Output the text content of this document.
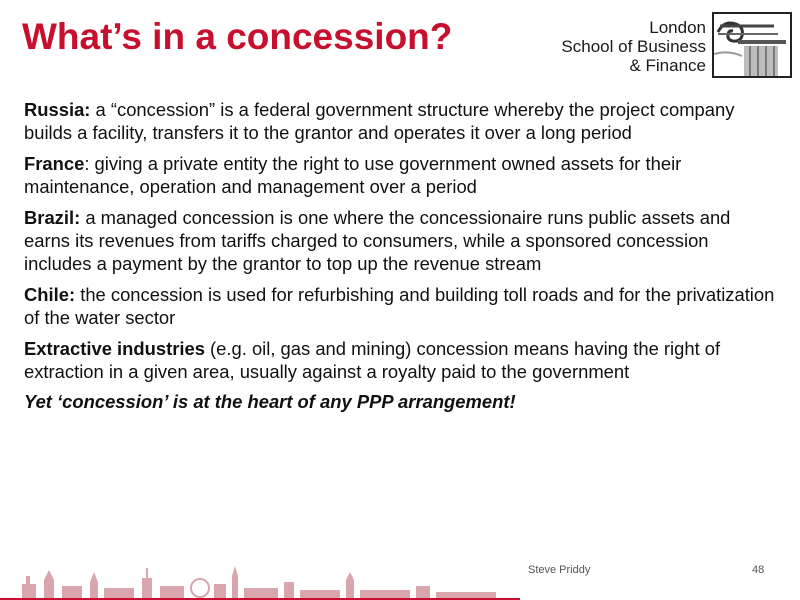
What’s in a concession?	London
School of Business
& Finance

Russia: a “concession” is a federal government structure whereby the project company builds a facility, transfers it to the grantor and operates it over a long period

France: giving a private entity the right to use government owned assets for their maintenance, operation and management over a period

Brazil: a managed concession is one where the concessionaire runs public assets and earns its revenues from tariffs charged to consumers, while a sponsored concession includes a payment by the grantor to top up the revenue stream

Chile: the concession is used for refurbishing and building toll roads and for the privatization of the water sector

Extractive industries (e.g. oil, gas and mining) concession means having the right of extraction in a given area, usually against a royalty paid to the government

Yet ‘concession’ is at the heart of any PPP arrangement!

Steve Priddy	48
